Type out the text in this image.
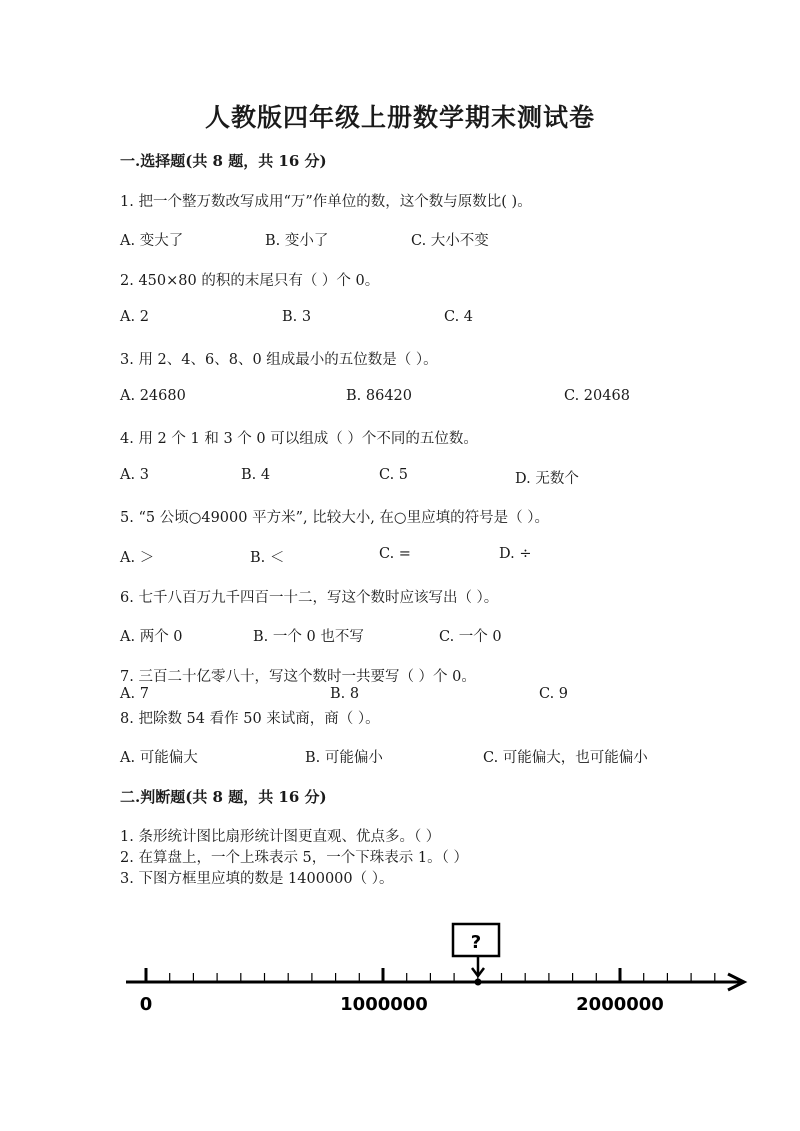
人教版四年级上册数学期末测试卷
一.选择题(共 8 题，共 16 分)
1. 把一个整万数改写成用“万”作单位的数，这个数与原数比( )。
A. 变大了	B. 变小了	C. 大小不变
2. 450×80 的积的末尾只有（ ）个 0。
A. 2	B. 3	C. 4
3. 用 2、4、6、8、0 组成最小的五位数是（ ）。
A. 24680	B. 86420	C. 20468
4. 用 2 个 1 和 3 个 0 可以组成（ ）个不同的五位数。
A. 3	B. 4	C. 5	D. 无数个
5. “5 公顷○49000 平方米”, 比较大小, 在○里应填的符号是（ ）。
A. ＞	B. ＜	C. =	D. ÷
6. 七千八百万九千四百一十二，写这个数时应该写出（ ）。
A. 两个 0	B. 一个 0 也不写	C. 一个 0
7. 三百二十亿零八十，写这个数时一共要写（ ）个 0。
A. 7	B. 8	C. 9
8. 把除数 54 看作 50 来试商，商（ ）。
A. 可能偏大	B. 可能偏小	C. 可能偏大，也可能偏小
二.判断题(共 8 题，共 16 分)
1. 条形统计图比扇形统计图更直观、优点多。（ ）
2. 在算盘上，一个上珠表示 5，一个下珠表示 1。（ ）
3. 下图方框里应填的数是 1400000（ ）。
?
0	1000000	2000000
